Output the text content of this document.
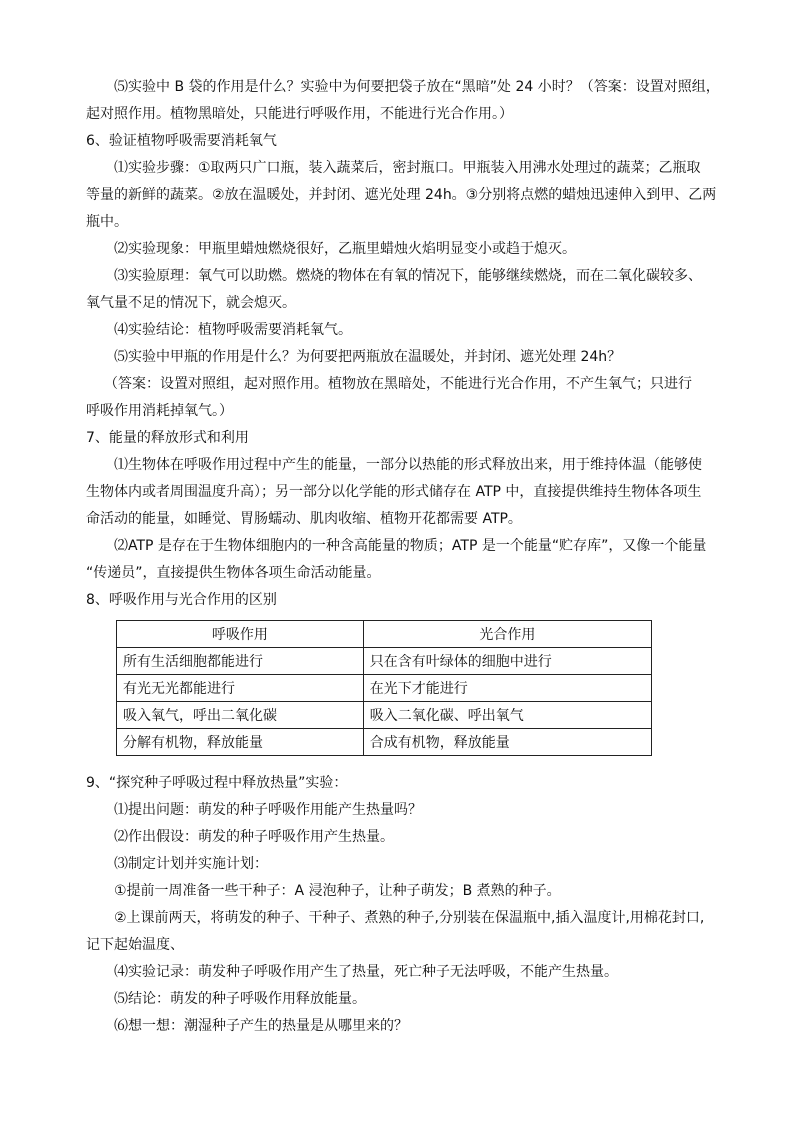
⑸实验中 B 袋的作用是什么？实验中为何要把袋子放在“黑暗”处 24 小时？（答案：设置对照组，

起对照作用。植物黑暗处，只能进行呼吸作用，不能进行光合作用。）

6、验证植物呼吸需要消耗氧气

⑴实验步骤：①取两只广口瓶，装入蔬菜后，密封瓶口。甲瓶装入用沸水处理过的蔬菜；乙瓶取

等量的新鲜的蔬菜。②放在温暖处，并封闭、遮光处理 24h。③分别将点燃的蜡烛迅速伸入到甲、乙两

瓶中。

⑵实验现象：甲瓶里蜡烛燃烧很好，乙瓶里蜡烛火焰明显变小或趋于熄灭。

⑶实验原理：氧气可以助燃。燃烧的物体在有氧的情况下，能够继续燃烧，而在二氧化碳较多、

氧气量不足的情况下，就会熄灭。

⑷实验结论：植物呼吸需要消耗氧气。

⑸实验中甲瓶的作用是什么？为何要把两瓶放在温暖处，并封闭、遮光处理 24h？

（答案：设置对照组，起对照作用。植物放在黑暗处，不能进行光合作用，不产生氧气；只进行

呼吸作用消耗掉氧气。）

7、能量的释放形式和利用

⑴生物体在呼吸作用过程中产生的能量，一部分以热能的形式释放出来，用于维持体温（能够使

生物体内或者周围温度升高）；另一部分以化学能的形式储存在 ATP 中，直接提供维持生物体各项生

命活动的能量，如睡觉、胃肠蠕动、肌肉收缩、植物开花都需要 ATP。

⑵ATP 是存在于生物体细胞内的一种含高能量的物质；ATP 是一个能量“贮存库”，又像一个能量

“传递员”，直接提供生物体各项生命活动能量。

8、呼吸作用与光合作用的区别

呼吸作用	光合作用
所有生活细胞都能进行	只在含有叶绿体的细胞中进行
有光无光都能进行	在光下才能进行
吸入氧气，呼出二氧化碳	吸入二氧化碳、呼出氧气
分解有机物，释放能量	合成有机物，释放能量

9、“探究种子呼吸过程中释放热量”实验：

⑴提出问题：萌发的种子呼吸作用能产生热量吗？

⑵作出假设：萌发的种子呼吸作用产生热量。

⑶制定计划并实施计划：

①提前一周准备一些干种子：A 浸泡种子，让种子萌发；B 煮熟的种子。

②上课前两天，将萌发的种子、干种子、煮熟的种子,分别装在保温瓶中,插入温度计,用棉花封口,

记下起始温度、

⑷实验记录：萌发种子呼吸作用产生了热量，死亡种子无法呼吸，不能产生热量。

⑸结论：萌发的种子呼吸作用释放能量。

⑹想一想：潮湿种子产生的热量是从哪里来的？
